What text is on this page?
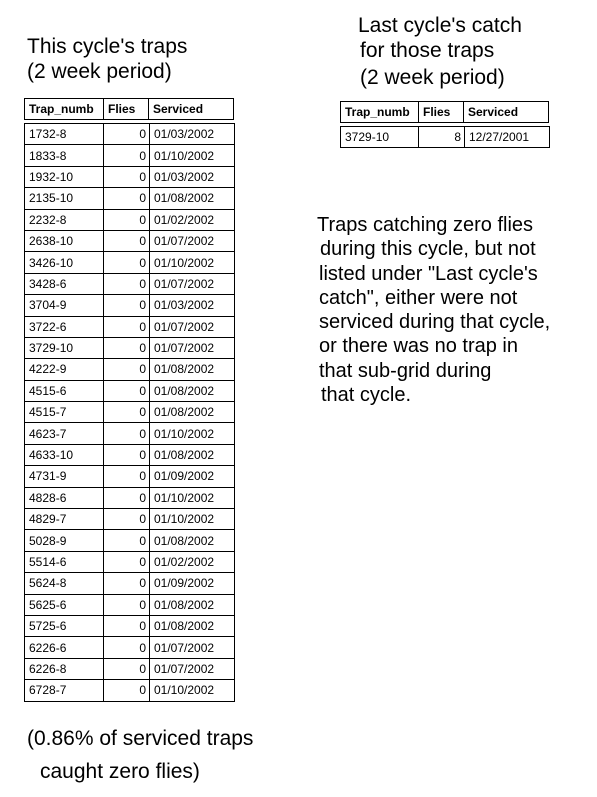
This cycle's traps
(2 week period)
Last cycle's catch
for those traps
(2 week period)
Trap_numb	Flies	Serviced
1732-8	0	01/03/2002
1833-8	0	01/10/2002
1932-10	0	01/03/2002
2135-10	0	01/08/2002
2232-8	0	01/02/2002
2638-10	0	01/07/2002
3426-10	0	01/10/2002
3428-6	0	01/07/2002
3704-9	0	01/03/2002
3722-6	0	01/07/2002
3729-10	0	01/07/2002
4222-9	0	01/08/2002
4515-6	0	01/08/2002
4515-7	0	01/08/2002
4623-7	0	01/10/2002
4633-10	0	01/08/2002
4731-9	0	01/09/2002
4828-6	0	01/10/2002
4829-7	0	01/10/2002
5028-9	0	01/08/2002
5514-6	0	01/02/2002
5624-8	0	01/09/2002
5625-6	0	01/08/2002
5725-6	0	01/08/2002
6226-6	0	01/07/2002
6226-8	0	01/07/2002
6728-7	0	01/10/2002
Trap_numb	Flies	Serviced
3729-10	8	12/27/2001
Traps catching zero flies
during this cycle, but not
listed under "Last cycle's
catch", either were not
serviced during that cycle,
or there was no trap in
that sub-grid during
that cycle.
(0.86% of serviced traps
caught zero flies)
